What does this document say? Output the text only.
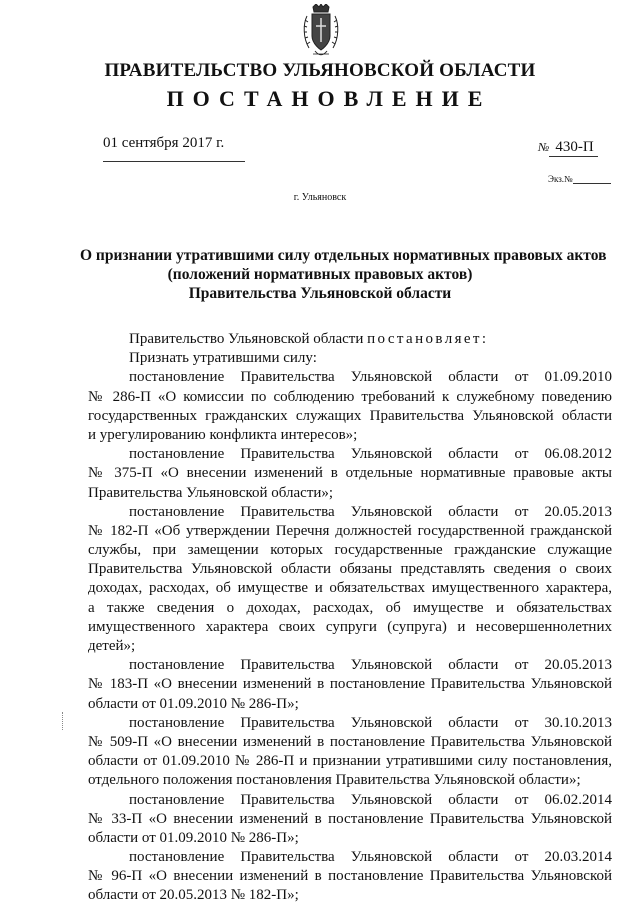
ПРАВИТЕЛЬСТВО УЛЬЯНОВСКОЙ ОБЛАСТИ
ПОСТАНОВЛЕНИЕ
01 сентября 2017 г.	№ 430-П
Экз.№
г. Ульяновск
О признании утратившими силу отдельных нормативных правовых актов
(положений нормативных правовых актов)
Правительства Ульяновской области
Правительство Ульяновской области постановляет:
Признать утратившими силу:
постановление Правительства Ульяновской области от 01.09.2010
№ 286-П «О комиссии по соблюдению требований к служебному поведению
государственных гражданских служащих Правительства Ульяновской области
и урегулированию конфликта интересов»;
постановление Правительства Ульяновской области от 06.08.2012
№ 375-П «О внесении изменений в отдельные нормативные правовые акты
Правительства Ульяновской области»;
постановление Правительства Ульяновской области от 20.05.2013
№ 182-П «Об утверждении Перечня должностей государственной гражданской
службы, при замещении которых государственные гражданские служащие
Правительства Ульяновской области обязаны представлять сведения о своих
доходах, расходах, об имуществе и обязательствах имущественного характера,
а также сведения о доходах, расходах, об имуществе и обязательствах
имущественного характера своих супруги (супруга) и несовершеннолетних
детей»;
постановление Правительства Ульяновской области от 20.05.2013
№ 183-П «О внесении изменений в постановление Правительства Ульяновской
области от 01.09.2010 № 286-П»;
постановление Правительства Ульяновской области от 30.10.2013
№ 509-П «О внесении изменений в постановление Правительства Ульяновской
области от 01.09.2010 № 286-П и признании утратившими силу постановления,
отдельного положения постановления Правительства Ульяновской области»;
постановление Правительства Ульяновской области от 06.02.2014
№ 33-П «О внесении изменений в постановление Правительства Ульяновской
области от 01.09.2010 № 286-П»;
постановление Правительства Ульяновской области от 20.03.2014
№ 96-П «О внесении изменений в постановление Правительства Ульяновской
области от 20.05.2013 № 182-П»;
